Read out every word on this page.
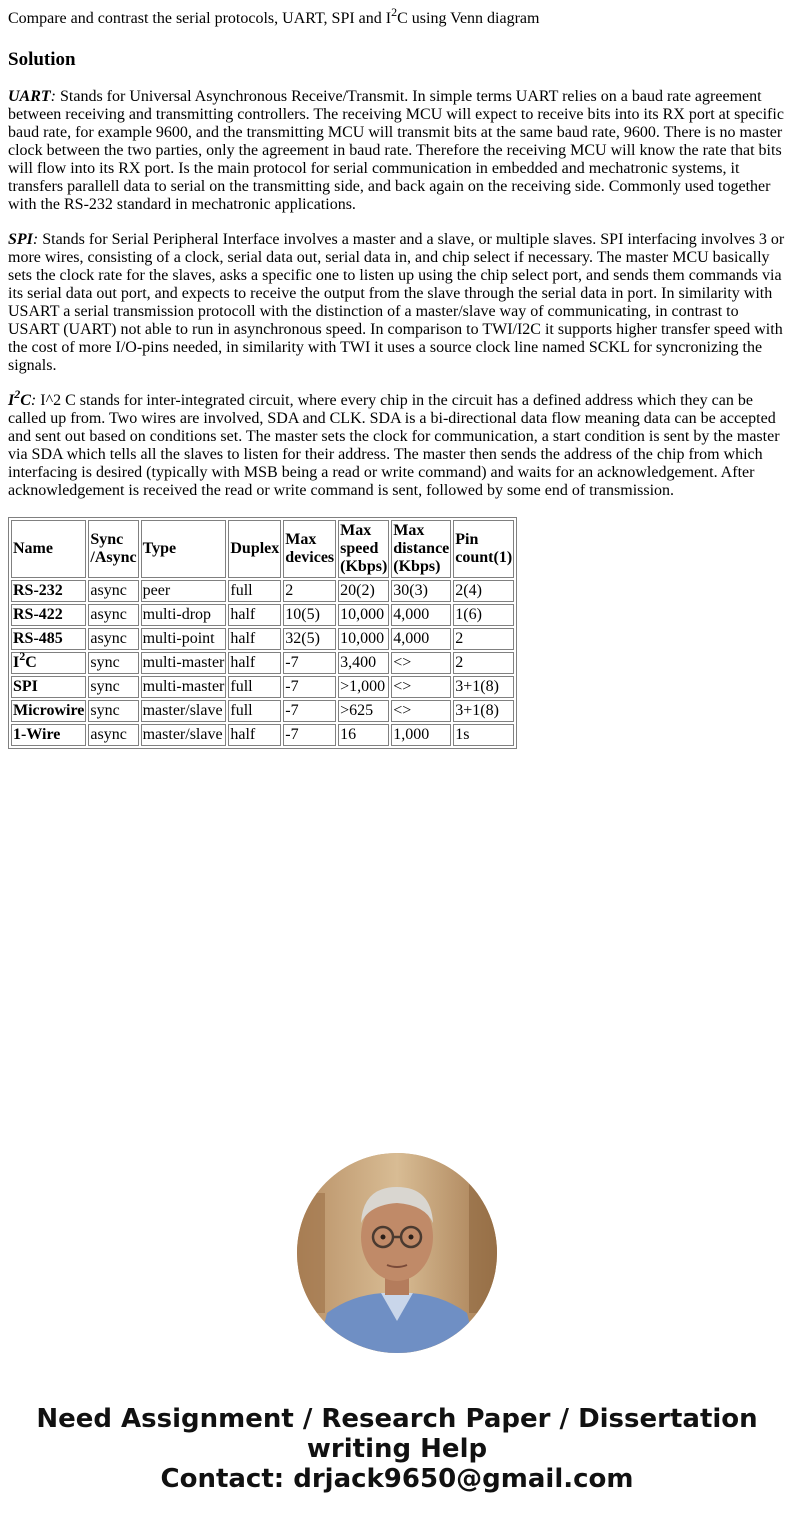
Compare and contrast the serial protocols, UART, SPI and $I^2C$ using Venn diagram
Solution

UART: Stands for Universal Asynchronous Receive/Transmit. In simple terms UART relies on a baud rate agreement between receiving and transmitting controllers. The receiving MCU will expect to receive bits into its RX port at specific baud rate, for example 9600, and the transmitting MCU will transmit bits at the same baud rate, 9600. There is no master clock between the two parties, only the agreement in baud rate. Therefore the receiving MCU will know the rate that bits will flow into its RX port. Is the main protocol for serial communication in embedded and mechatronic systems, it transfers parallell data to serial on the transmitting side, and back again on the receiving side. Commonly used together with the RS-232 standard in mechatronic applications.

SPI: Stands for Serial Peripheral Interface involves a master and a slave, or multiple slaves. SPI interfacing involves 3 or more wires, consisting of a clock, serial data out, serial data in, and chip select if necessary. The master MCU basically sets the clock rate for the slaves, asks a specific one to listen up using the chip select port, and sends them commands via its serial data out port, and expects to receive the output from the slave through the serial data in port. In similarity with USART a serial transmission protocoll with the distinction of a master/slave way of communicating, in contrast to USART (UART) not able to run in asynchronous speed. In comparison to TWI/I2C it supports higher transfer speed with the cost of more I/O-pins needed, in similarity with TWI it uses a source clock line named SCKL for syncronizing the signals.

$I^2C$: I^2 C stands for inter-integrated circuit, where every chip in the circuit has a defined address which they can be called up from. Two wires are involved, SDA and CLK. SDA is a bi-directional data flow meaning data can be accepted and sent out based on conditions set. The master sets the clock for communication, a start condition is sent by the master via SDA which tells all the slaves to listen for their address. The master then sends the address of the chip from which interfacing is desired (typically with MSB being a read or write command) and waits for an acknowledgement. After acknowledgement is received the read or write command is sent, followed by some end of transmission.

Name	Sync
/Async	Type	Duplex	Max
devices	Max
speed
(Kbps)	Max
distance
(Kbps)	Pin
count(1)
RS-232	async	peer	full	2	20(2)	30(3)	2(4)
RS-422	async	multi-drop	half	10(5)	10,000	4,000	1(6)
RS-485	async	multi-point	half	32(5)	10,000	4,000	2
$I^2C$	sync	multi-master	half	-7	3,400	<>	2
SPI	sync	multi-master	full	-7	>1,000	<>	3+1(8)
Microwire	sync	master/slave	full	-7	>625	<>	3+1(8)
1-Wire	async	master/slave	half	-7	16	1,000	1s
Need Assignment / Research Paper / Dissertation
writing Help
Contact: drjack9650@gmail.com
